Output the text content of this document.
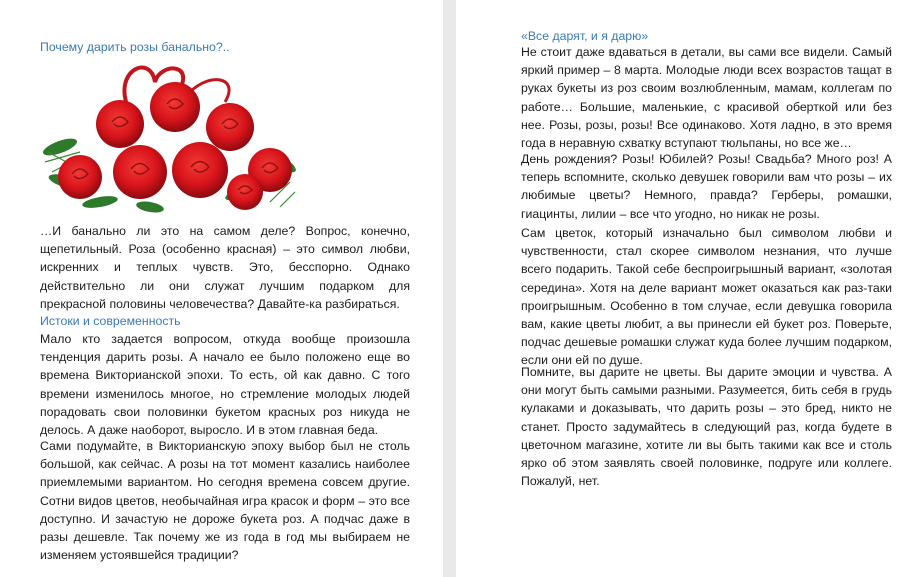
Почему дарить розы банально?..

…И банально ли это на самом деле? Вопрос, конечно, щепетильный. Роза (особенно красная) – это символ любви, искренних и теплых чувств. Это, бесспорно. Однако действительно ли они служат лучшим подарком для прекрасной половины человечества? Давайте-ка разбираться.

Истоки и современность

Мало кто задается вопросом, откуда вообще произошла тенденция дарить розы. А начало ее было положено еще во времена Викторианской эпохи. То есть, ой как давно. С того времени изменилось многое, но стремление молодых людей порадовать свои половинки букетом красных роз никуда не делось. А даже наоборот, выросло. И в этом главная беда.

Сами подумайте, в Викторианскую эпоху выбор был не столь большой, как сейчас. А розы на тот момент казались наиболее приемлемыми вариантом. Но сегодня времена совсем другие. Сотни видов цветов, необычайная игра красок и форм – это все доступно. И зачастую не дороже букета роз. А подчас даже в разы дешевле. Так почему же из года в год мы выбираем не изменяем устоявшейся традиции?

«Все дарят, и я дарю»

Не стоит даже вдаваться в детали, вы сами все видели. Самый яркий пример – 8 марта. Молодые люди всех возрастов тащат в руках букеты из роз своим возлюбленным, мамам, коллегам по работе… Большие, маленькие, с красивой оберткой или без нее. Розы, розы, розы! Все одинаково. Хотя ладно, в это время года в неравную схватку вступают тюльпаны, но все же…

День рождения? Розы! Юбилей? Розы! Свадьба? Много роз! А теперь вспомните, сколько девушек говорили вам что розы – их любимые цветы? Немного, правда? Герберы, ромашки, гиацинты, лилии – все что угодно, но никак не розы.

Сам цветок, который изначально был символом любви и чувственности, стал скорее символом незнания, что лучше всего подарить. Такой себе беспроигрышный вариант, «золотая середина». Хотя на деле вариант может оказаться как раз-таки проигрышным. Особенно в том случае, если девушка говорила вам, какие цветы любит, а вы принесли ей букет роз. Поверьте, подчас дешевые ромашки служат куда более лучшим подарком, если они ей по душе.

Помните, вы дарите не цветы. Вы дарите эмоции и чувства. А они могут быть самыми разными. Разумеется, бить себя в грудь кулаками и доказывать, что дарить розы – это бред, никто не станет. Просто задумайтесь в следующий раз, когда будете в цветочном магазине, хотите ли вы быть такими как все и столь ярко об этом заявлять своей половинке, подруге или коллеге. Пожалуй, нет.
